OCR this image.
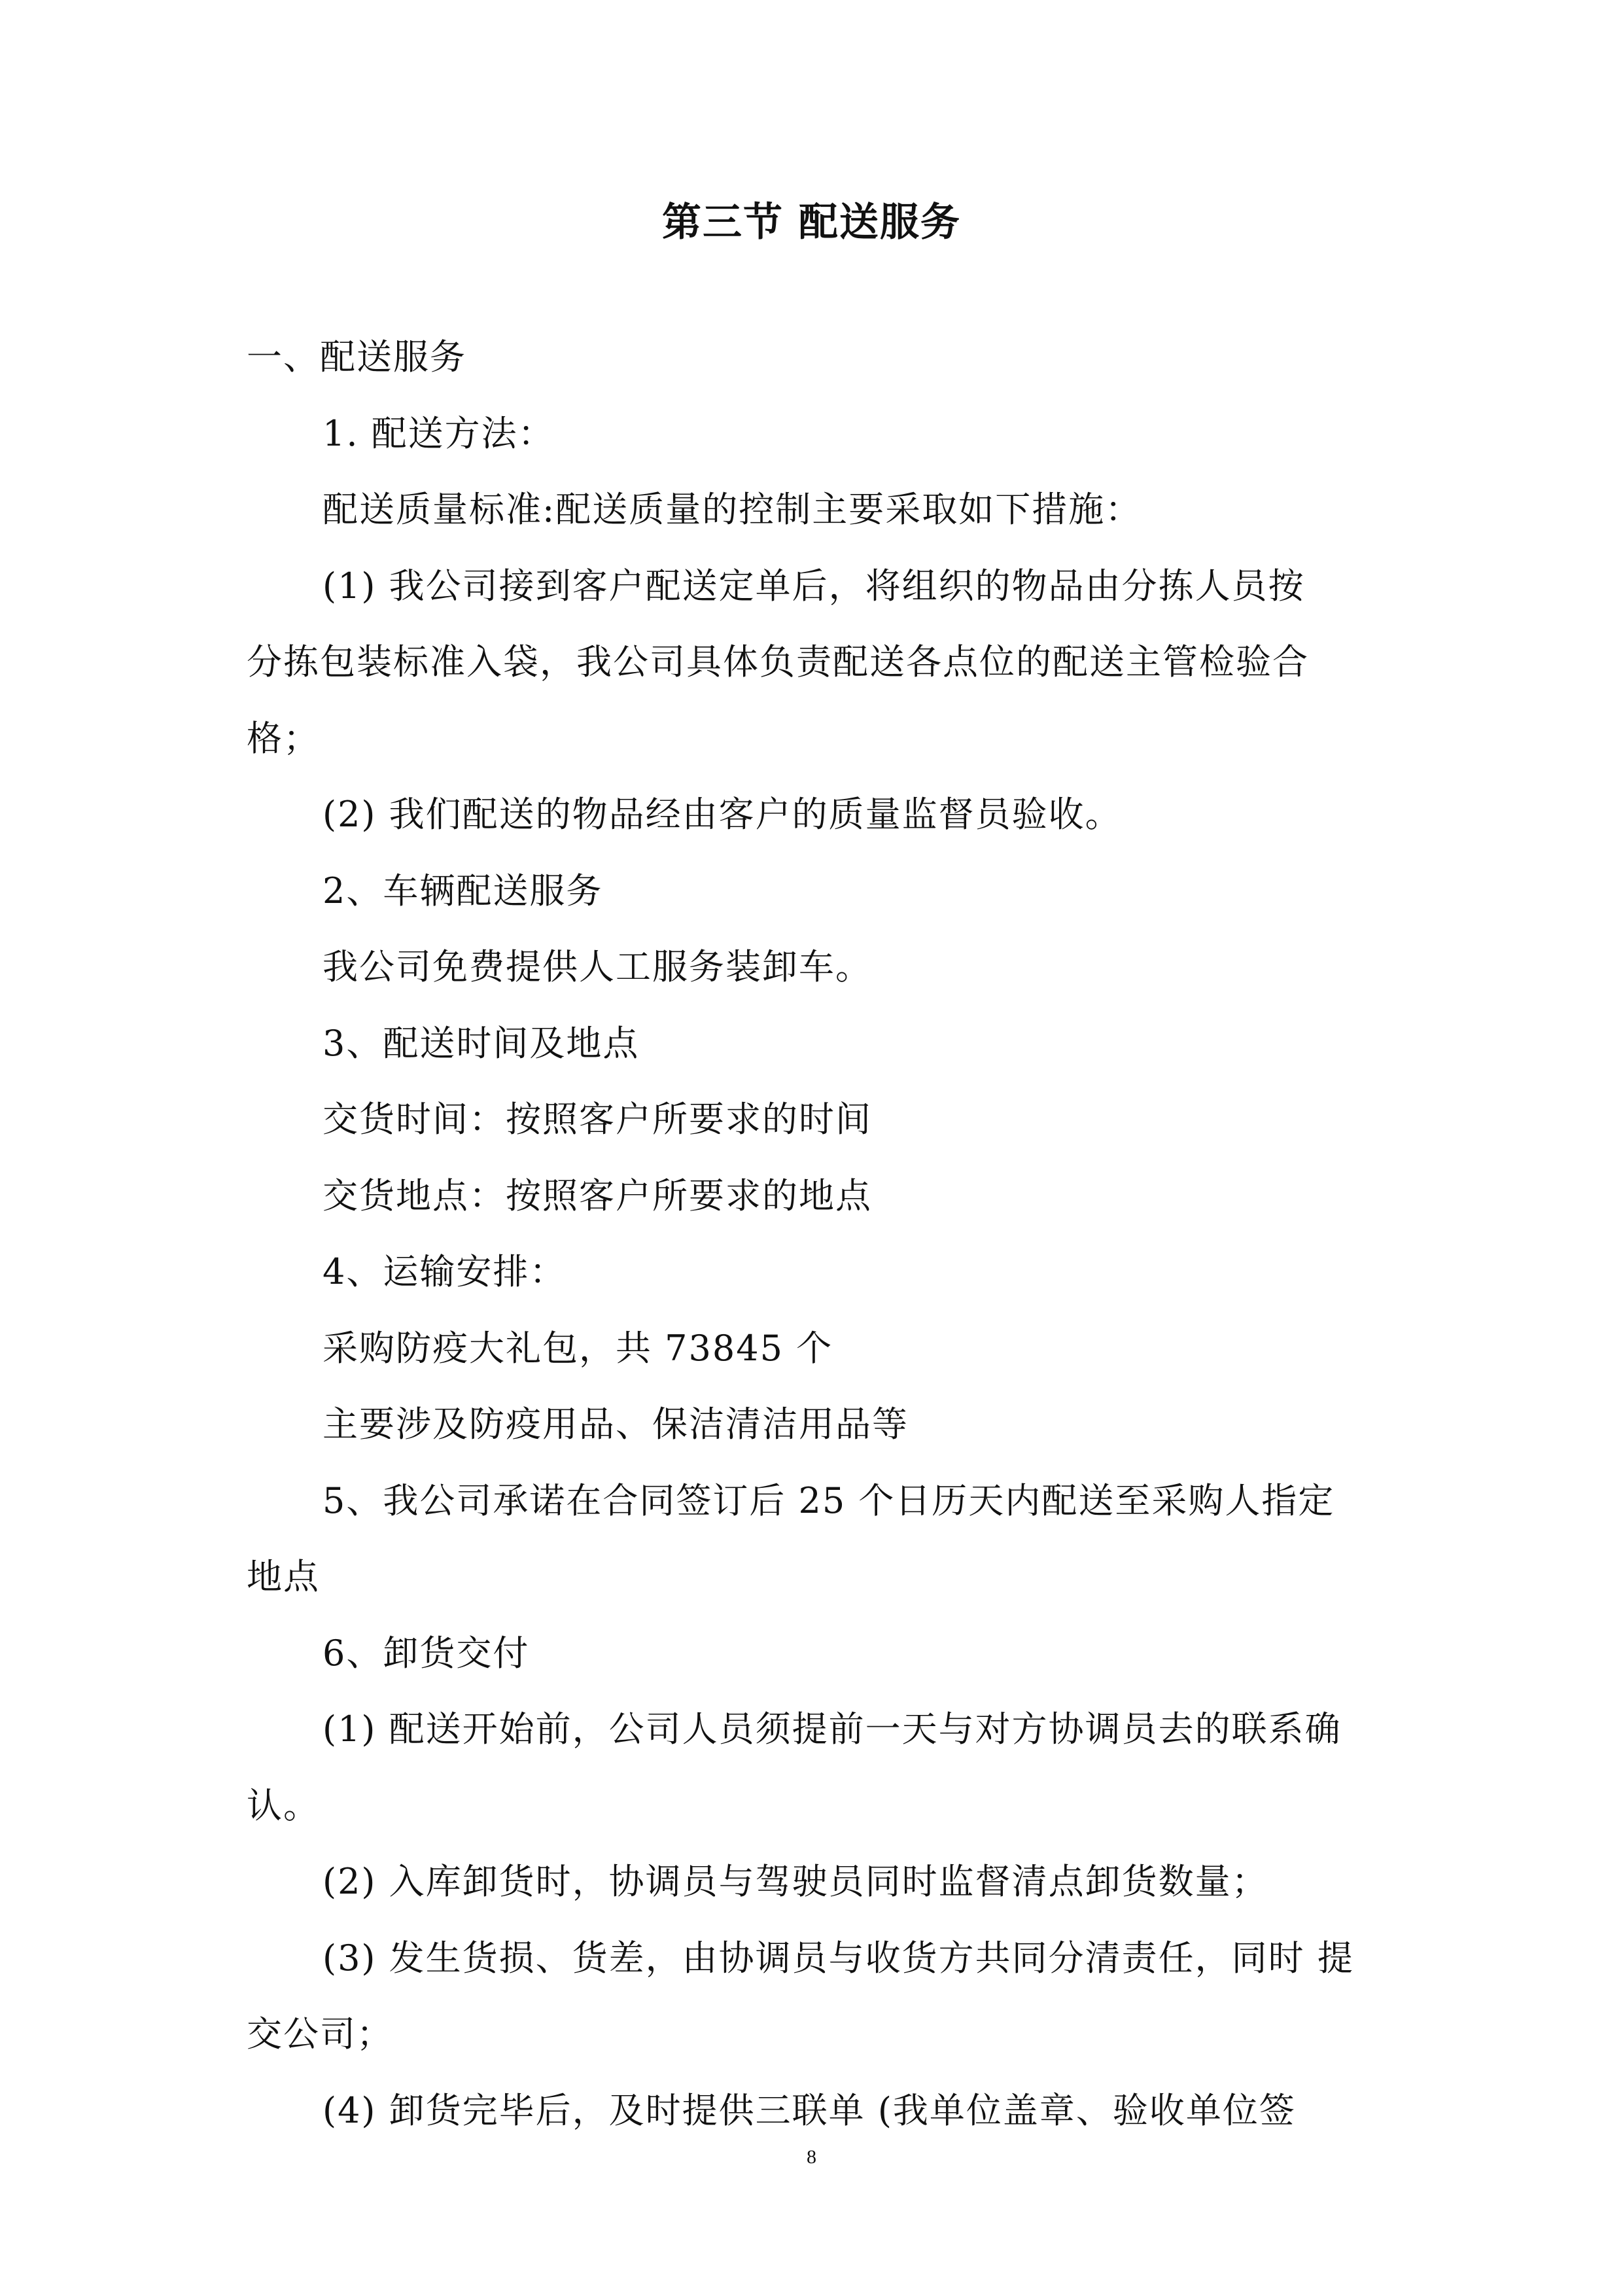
第三节 配送服务
一、配送服务
1. 配送方法：
配送质量标准:配送质量的控制主要采取如下措施：
(1) 我公司接到客户配送定单后，将组织的物品由分拣人员按
分拣包装标准入袋，我公司具体负责配送各点位的配送主管检验合
格；
(2) 我们配送的物品经由客户的质量监督员验收。
2、车辆配送服务
我公司免费提供人工服务装卸车。
3、配送时间及地点
交货时间：按照客户所要求的时间
交货地点：按照客户所要求的地点
4、运输安排：
采购防疫大礼包，共 73845 个
主要涉及防疫用品、保洁清洁用品等
5、我公司承诺在合同签订后 25 个日历天内配送至采购人指定
地点
6、卸货交付
(1) 配送开始前，公司人员须提前一天与对方协调员去的联系确
认。
(2) 入库卸货时，协调员与驾驶员同时监督清点卸货数量；
(3) 发生货损、货差，由协调员与收货方共同分清责任，同时 提
交公司；
(4) 卸货完毕后，及时提供三联单 (我单位盖章、验收单位签
8
